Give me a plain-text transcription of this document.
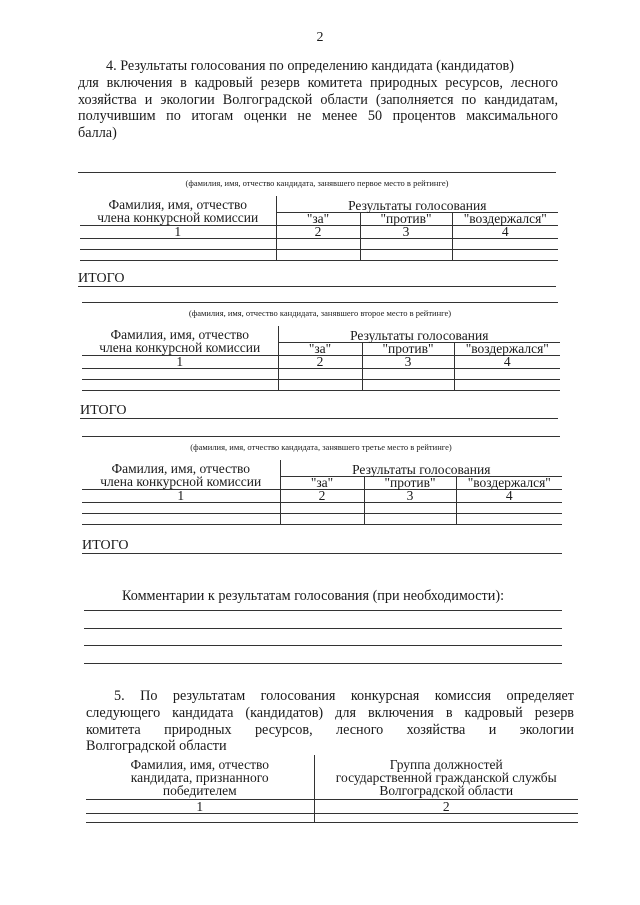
2
4. Результаты голосования по определению кандидата (кандидатов)
для включения в кадровый резерв комитета природных ресурсов, лесного
хозяйства и экологии Волгоградской области (заполняется по кандидатам,
получившим по итогам оценки не менее 50 процентов максимального
балла)
(фамилия, имя, отчество кандидата, занявшего первое место в рейтинге)
Фамилия, имя, отчество
члена конкурсной комиссии	Результаты голосования		
	"за"	"против"	"воздержался"
1	2	3	4

ИТОГО
(фамилия, имя, отчество кандидата, занявшего второе место в рейтинге)
Фамилия, имя, отчество
члена конкурсной комиссии	Результаты голосования		
	"за"	"против"	"воздержался"
1	2	3	4

ИТОГО
(фамилия, имя, отчество кандидата, занявшего третье место в рейтинге)
Фамилия, имя, отчество
члена конкурсной комиссии	Результаты голосования		
	"за"	"против"	"воздержался"
1	2	3	4

ИТОГО
Комментарии к результатам голосования (при необходимости):
5. По результатам голосования конкурсная комиссия определяет
следующего кандидата (кандидатов) для включения в кадровый резерв
комитета природных ресурсов, лесного хозяйства и экологии
Волгоградской области
Фамилия, имя, отчество
кандидата, признанного
победителем	Группа должностей
государственной гражданской службы
Волгоградской области
1	2
